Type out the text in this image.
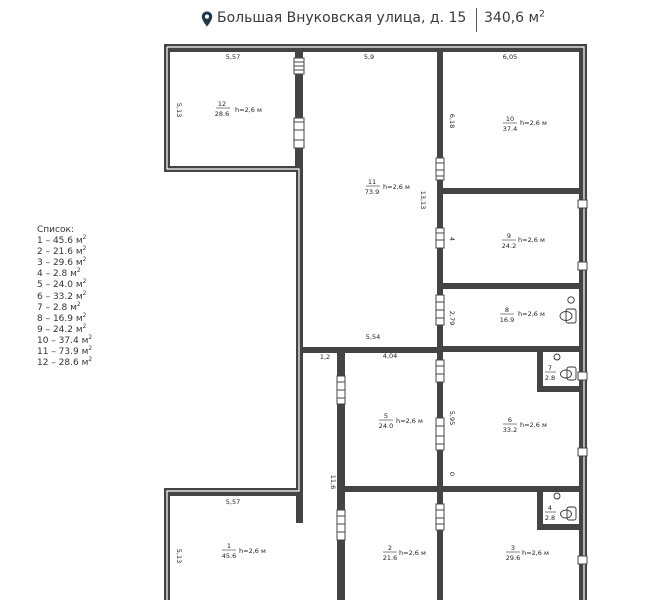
Большая Внуковская улица, д. 15 340,6 $м^2$
Список:
1 – 45.6 $м^2$
2 – 21.6 $м^2$
3 – 29.6 $м^2$
4 – 2.8 $м^2$
5 – 24.0 $м^2$
6 – 33.2 $м^2$
7 – 2.8 $м^2$
8 – 16.9 $м^2$
9 – 24.2 $м^2$
10 – 37.4 $м^2$
11 – 73.9 $м^2$
12 – 28.6 $м^2$
12
28.6 h=2,6 м
11
73.9
h=2,6 м
10
37.4
h=2,6 м
9
24.2
h=2,6 м
8
16.9
h=2,6 м
7
2.8
6
33.2
h=2,6 м
5
24.0
h=2,6 м
4
2.8
3
29.6
h=2,6 м
2
21.6
h=2,6 м
1
45.6
h=2,6 м
5,57	5,9	6,05
5,13
6,18
13,13
4
2,79
5,54
1,2	4,04
5,95
0
11,6
5,57
5,13
